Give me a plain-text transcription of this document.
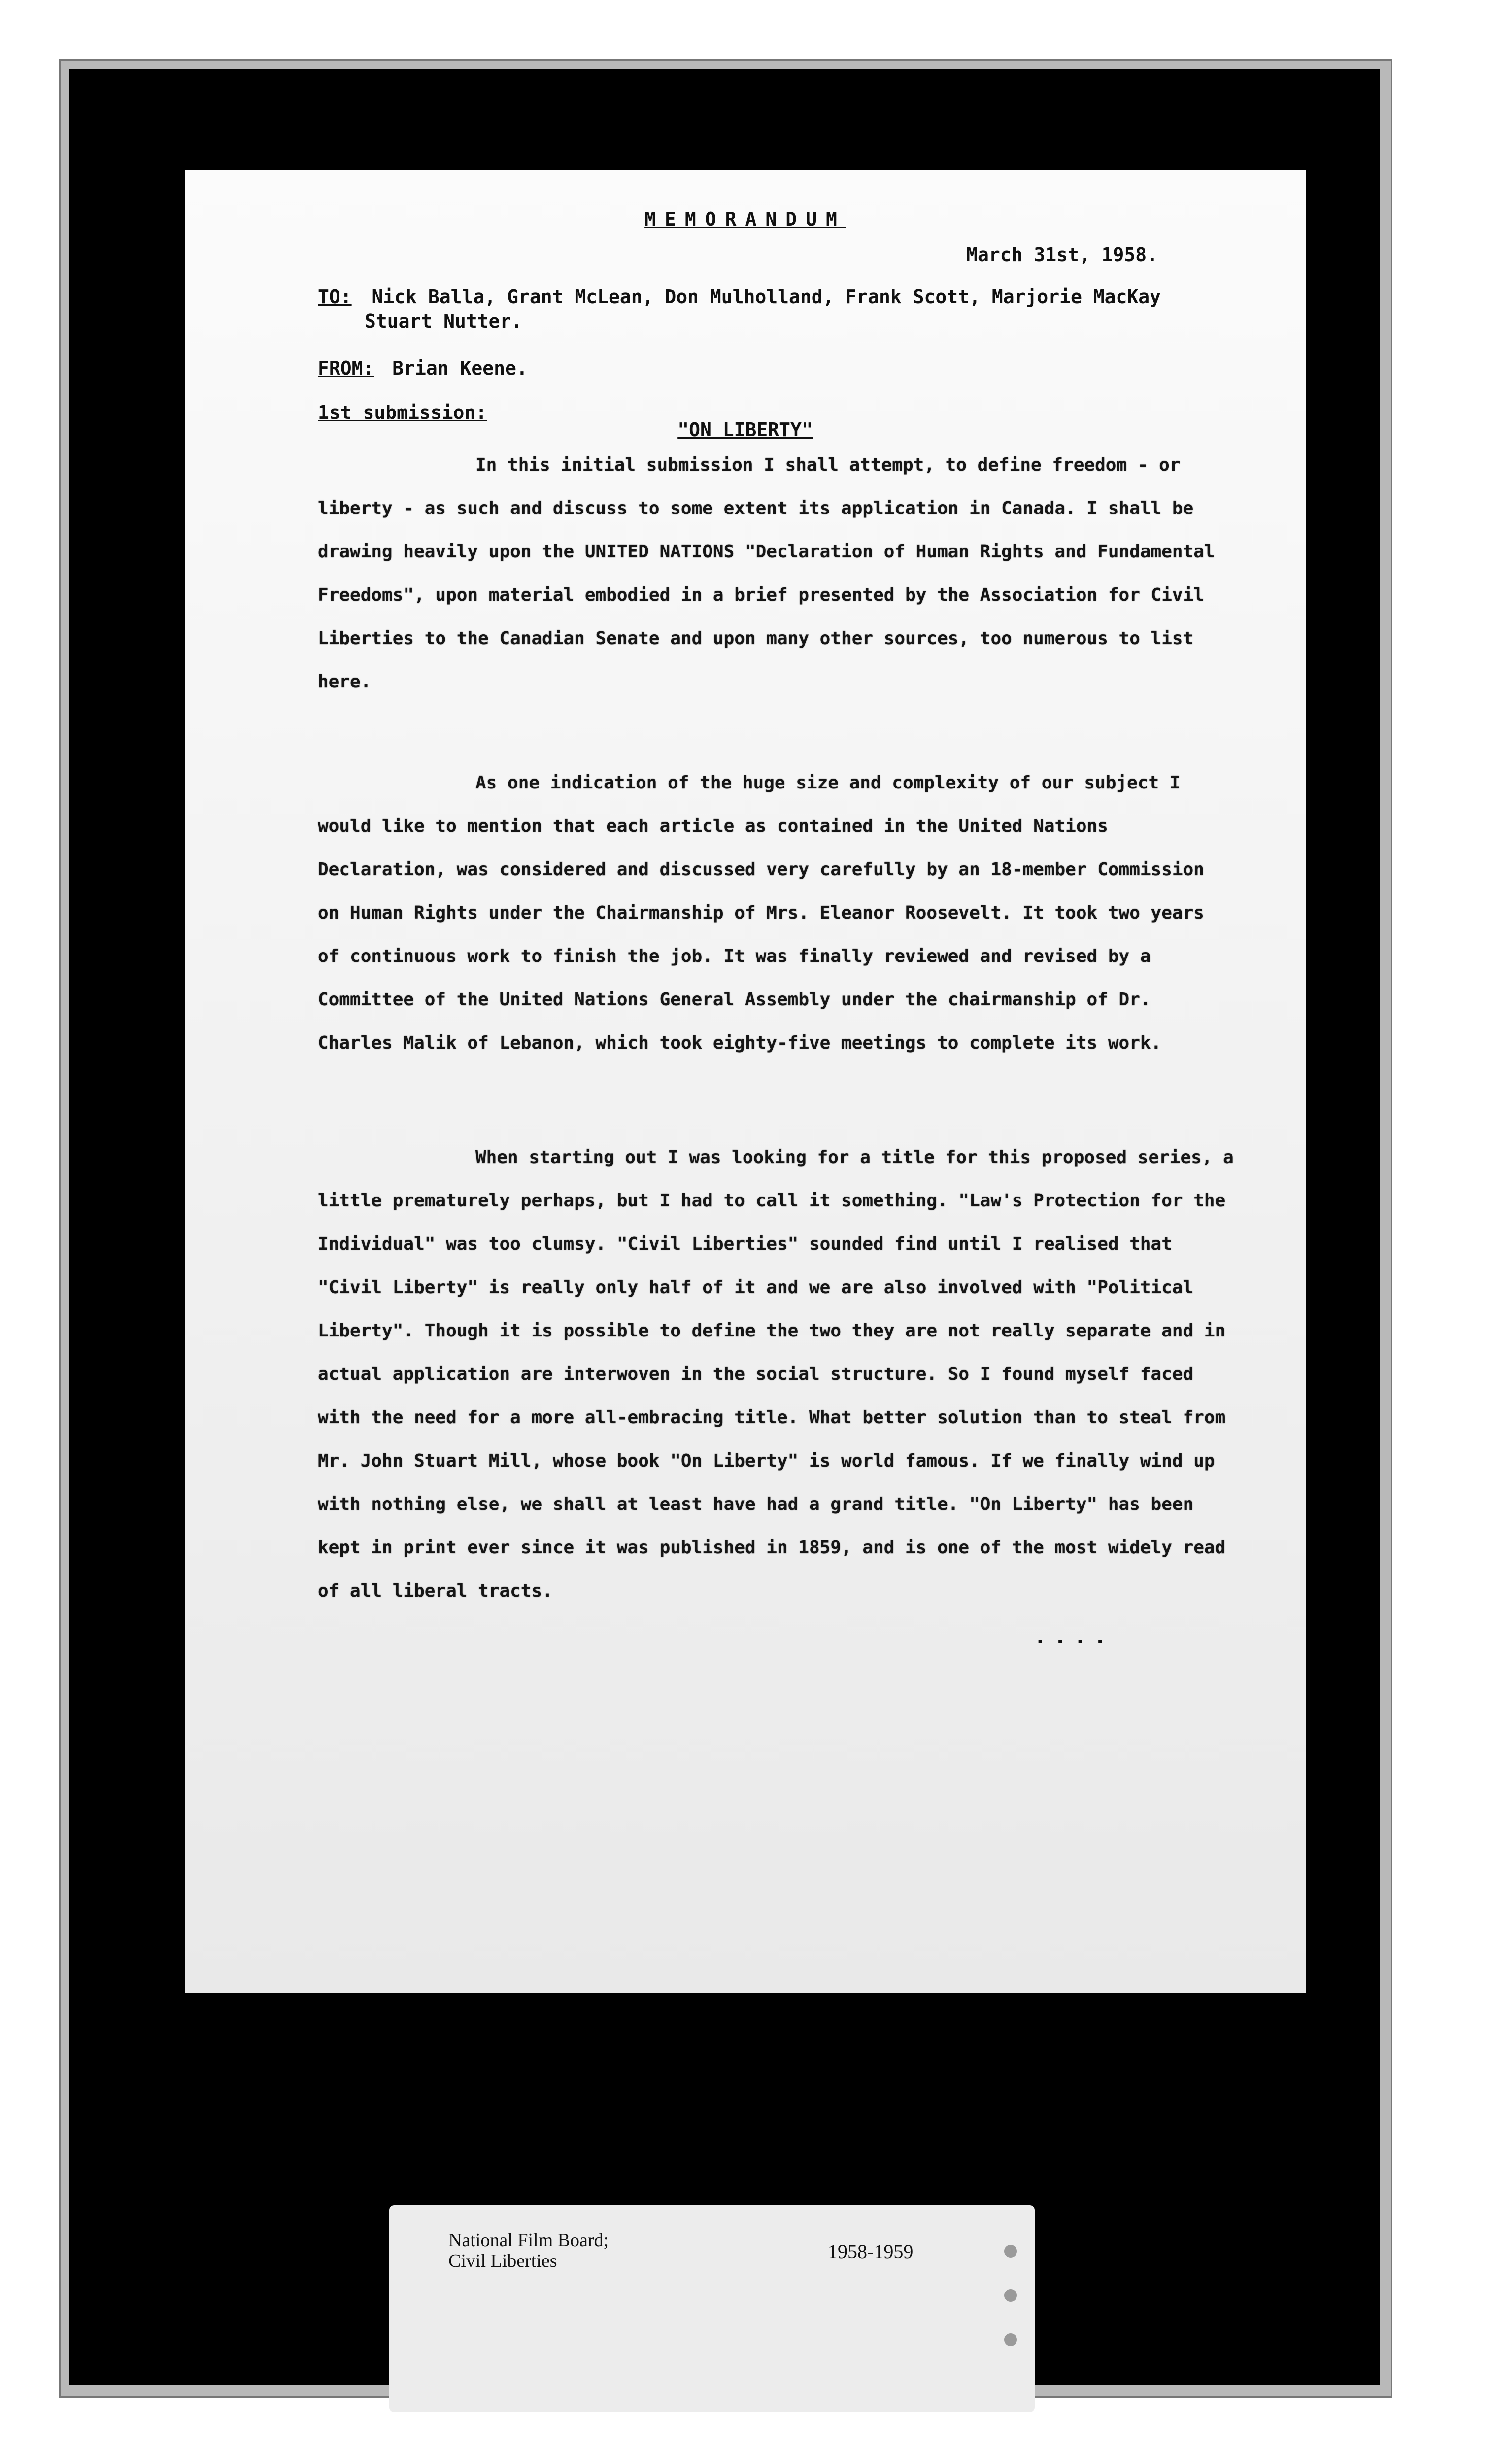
MEMORANDUM
March 31st, 1958.
TO: Nick Balla, Grant McLean, Don Mulholland, Frank Scott, Marjorie MacKay
Stuart Nutter.
FROM: Brian Keene.
1st submission:
"ON LIBERTY"

In this initial submission I shall attempt, to define freedom - or liberty - as such and discuss to some extent its application in Canada. I shall be drawing heavily upon the UNITED NATIONS "Declaration of Human Rights and Fundamental Freedoms", upon material embodied in a brief presented by the Association for Civil Liberties to the Canadian Senate and upon many other sources, too numerous to list here.

As one indication of the huge size and complexity of our subject I would like to mention that each article as contained in the United Nations Declaration, was considered and discussed very carefully by an 18-member Commission on Human Rights under the Chairmanship of Mrs. Eleanor Roosevelt. It took two years of continuous work to finish the job. It was finally reviewed and revised by a Committee of the United Nations General Assembly under the chairmanship of Dr. Charles Malik of Lebanon, which took eighty-five meetings to complete its work.

When starting out I was looking for a title for this proposed series, a little prematurely perhaps, but I had to call it something. "Law's Protection for the Individual" was too clumsy. "Civil Liberties" sounded find until I realised that "Civil Liberty" is really only half of it and we are also involved with "Political Liberty". Though it is possible to define the two they are not really separate and in actual application are interwoven in the social structure. So I found myself faced with the need for a more all-embracing title. What better solution than to steal from Mr. John Stuart Mill, whose book "On Liberty" is world famous. If we finally wind up with nothing else, we shall at least have had a grand title. "On Liberty" has been kept in print ever since it was published in 1859, and is one of the most widely read of all liberal tracts.

....
National Film Board;
Civil Liberties	1958-1959
